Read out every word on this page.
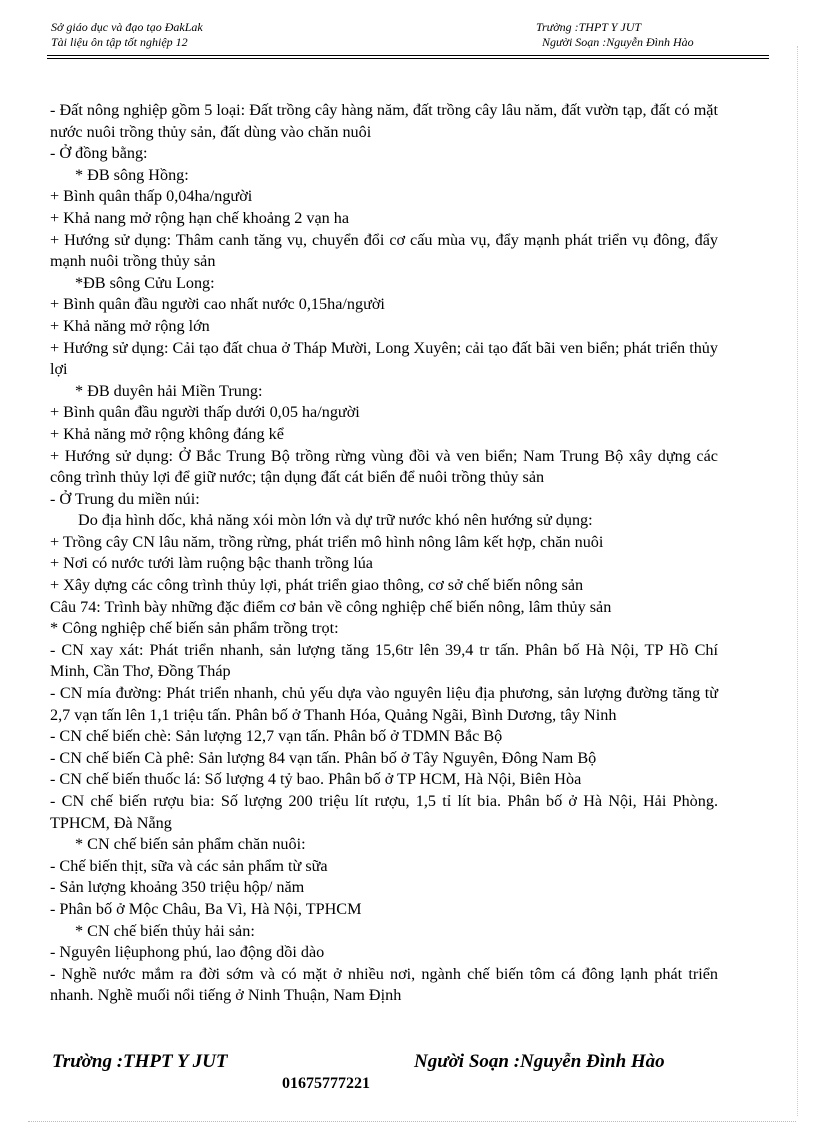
Sở giáo dục và đạo tạo ĐakLak
Tài liệu ôn tập tốt nghiệp 12
Trường :THPT Y JUT
Người Soạn :Nguyễn Đình Hào

- Đất nông nghiệp gồm 5 loại: Đất trồng cây hàng năm, đất trồng cây lâu năm, đất vườn tạp, đất có mặt nước nuôi trồng thủy sản, đất dùng vào chăn nuôi

- Ở đồng bằng:

* ĐB sông Hồng:

+ Bình quân thấp 0,04ha/người

+ Khả nang mở rộng hạn chế khoảng 2 vạn ha

+ Hướng sử dụng: Thâm canh tăng vụ, chuyển đổi cơ cấu mùa vụ, đẩy mạnh phát triển vụ đông, đẩy mạnh nuôi trồng thủy sản

*ĐB sông Cửu Long:

+ Bình quân đầu người cao nhất nước 0,15ha/người

+ Khả năng mở rộng lớn

+ Hướng sử dụng: Cải tạo đất chua ở Tháp Mười, Long Xuyên; cải tạo đất bãi ven biển; phát triển thủy lợi

* ĐB duyên hải Miền Trung:

+ Bình quân đầu người thấp dưới 0,05 ha/người

+ Khả năng mở rộng không đáng kể

+ Hướng sử dụng: Ở Bắc Trung Bộ trồng rừng vùng đồi và ven biển; Nam Trung Bộ xây dựng các công trình thủy lợi để giữ nước; tận dụng đất cát biển để nuôi trồng thủy sản

- Ở Trung du miền núi:

Do địa hình dốc, khả năng xói mòn lớn và dự trữ nước khó nên hướng sử dụng:

+ Trồng cây CN lâu năm, trồng rừng, phát triển mô hình nông lâm kết hợp, chăn nuôi

+ Nơi có nước tưới làm ruộng bậc thanh trồng lúa

+ Xây dựng các công trình thủy lợi, phát triển giao thông, cơ sở chế biến nông sản

Câu 74: Trình bày những đặc điểm cơ bản về công nghiệp chế biến nông, lâm thủy sản

* Công nghiệp chế biến sản phẩm trồng trọt:

- CN xay xát: Phát triển nhanh, sản lượng tăng 15,6tr lên 39,4 tr tấn. Phân bố Hà Nội, TP Hồ Chí Minh, Cần Thơ, Đồng Tháp

- CN mía đường: Phát triển nhanh, chủ yếu dựa vào nguyên liệu địa phương, sản lượng đường tăng từ 2,7 vạn tấn lên 1,1 triệu tấn. Phân bố ở Thanh Hóa, Quảng Ngãi, Bình Dương, tây Ninh

- CN chế biến chè: Sản lượng 12,7 vạn tấn. Phân bố ở TDMN Bắc Bộ

- CN chế biến Cà phê: Sản lượng 84 vạn tấn. Phân bố ở Tây Nguyên, Đông Nam Bộ

- CN chế biến thuốc lá: Số lượng 4 tỷ bao. Phân bố ở TP HCM, Hà Nội, Biên Hòa

- CN chế biến rượu bia: Số lượng 200 triệu lít rượu, 1,5 tỉ lít bia. Phân bố ở Hà Nội, Hải Phòng. TPHCM, Đà Nẵng

* CN chế biến sản phẩm chăn nuôi:

- Chế biến thịt, sữa và các sản phẩm từ sữa

- Sản lượng khoảng 350 triệu hộp/ năm

- Phân bố ở Mộc Châu, Ba Vì, Hà Nội, TPHCM

* CN chế biến thủy hải sản:

- Nguyên liệuphong phú, lao động dồi dào

- Nghề nước mắm ra đời sớm và có mặt ở nhiều nơi, ngành chế biến tôm cá đông lạnh phát triển nhanh. Nghề muối nổi tiếng ở Ninh Thuận, Nam Định

Trường :THPT Y JUT	Người Soạn :Nguyễn Đình Hào
01675777221
